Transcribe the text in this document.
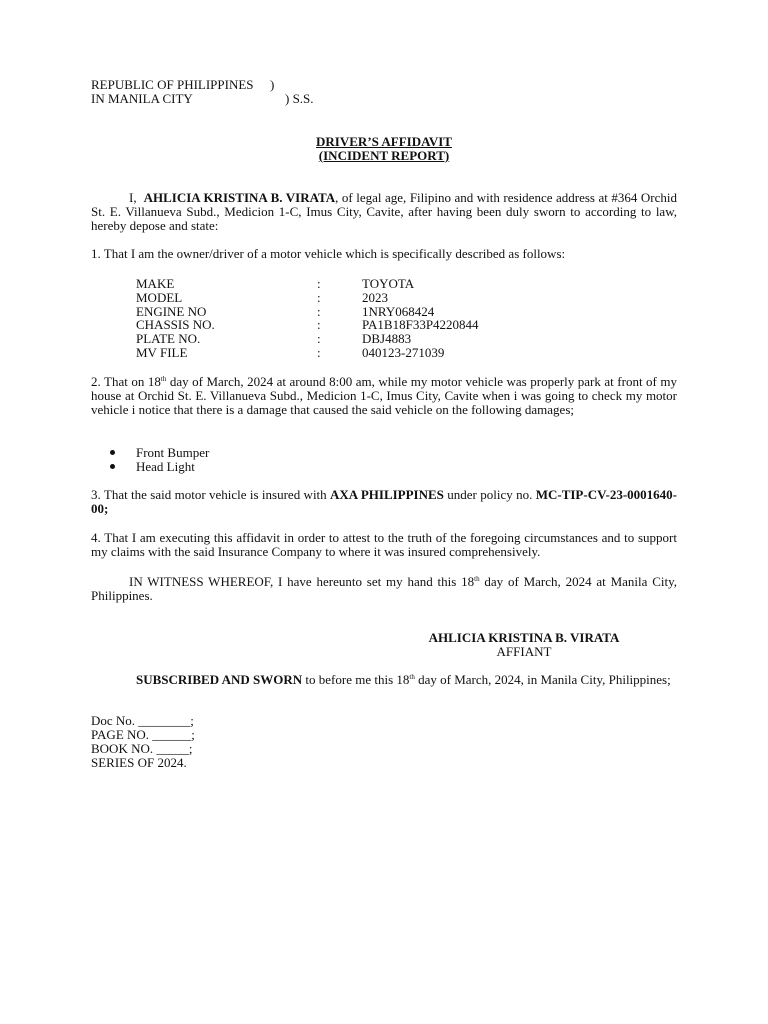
REPUBLIC OF PHILIPPINES )
IN MANILA CITY	) S.S.
DRIVER’S AFFIDAVIT
(INCIDENT REPORT)
I, AHLICIA KRISTINA B. VIRATA, of legal age, Filipino and with residence address at #364 Orchid St. E. Villanueva Subd., Medicion 1-C, Imus City, Cavite, after having been duly sworn to according to law, hereby depose and state:
1. That I am the owner/driver of a motor vehicle which is specifically described as follows:
MAKE	:	TOYOTA
MODEL	:	2023
ENGINE NO	:	1NRY068424
CHASSIS NO.	:	PA1B18F33P4220844
PLATE NO.	:	DBJ4883
MV FILE	:	040123-271039
2. That on 18th day of March, 2024 at around 8:00 am, while my motor vehicle was properly park at front of my house at Orchid St. E. Villanueva Subd., Medicion 1-C, Imus City, Cavite when i was going to check my motor vehicle i notice that there is a damage that caused the said vehicle on the following damages;
Front Bumper
Head Light
3. That the said motor vehicle is insured with AXA PHILIPPINES under policy no. MC-TIP-CV-23-0001640-00;
4. That I am executing this affidavit in order to attest to the truth of the foregoing circumstances and to support my claims with the said Insurance Company to where it was insured comprehensively.
IN WITNESS WHEREOF, I have hereunto set my hand this 18th day of March, 2024 at Manila City, Philippines.
AHLICIA KRISTINA B. VIRATA
AFFIANT
SUBSCRIBED AND SWORN to before me this 18th day of March, 2024, in Manila City, Philippines;
Doc No. ________;
PAGE NO. ______;
BOOK NO. _____;
SERIES OF 2024.
